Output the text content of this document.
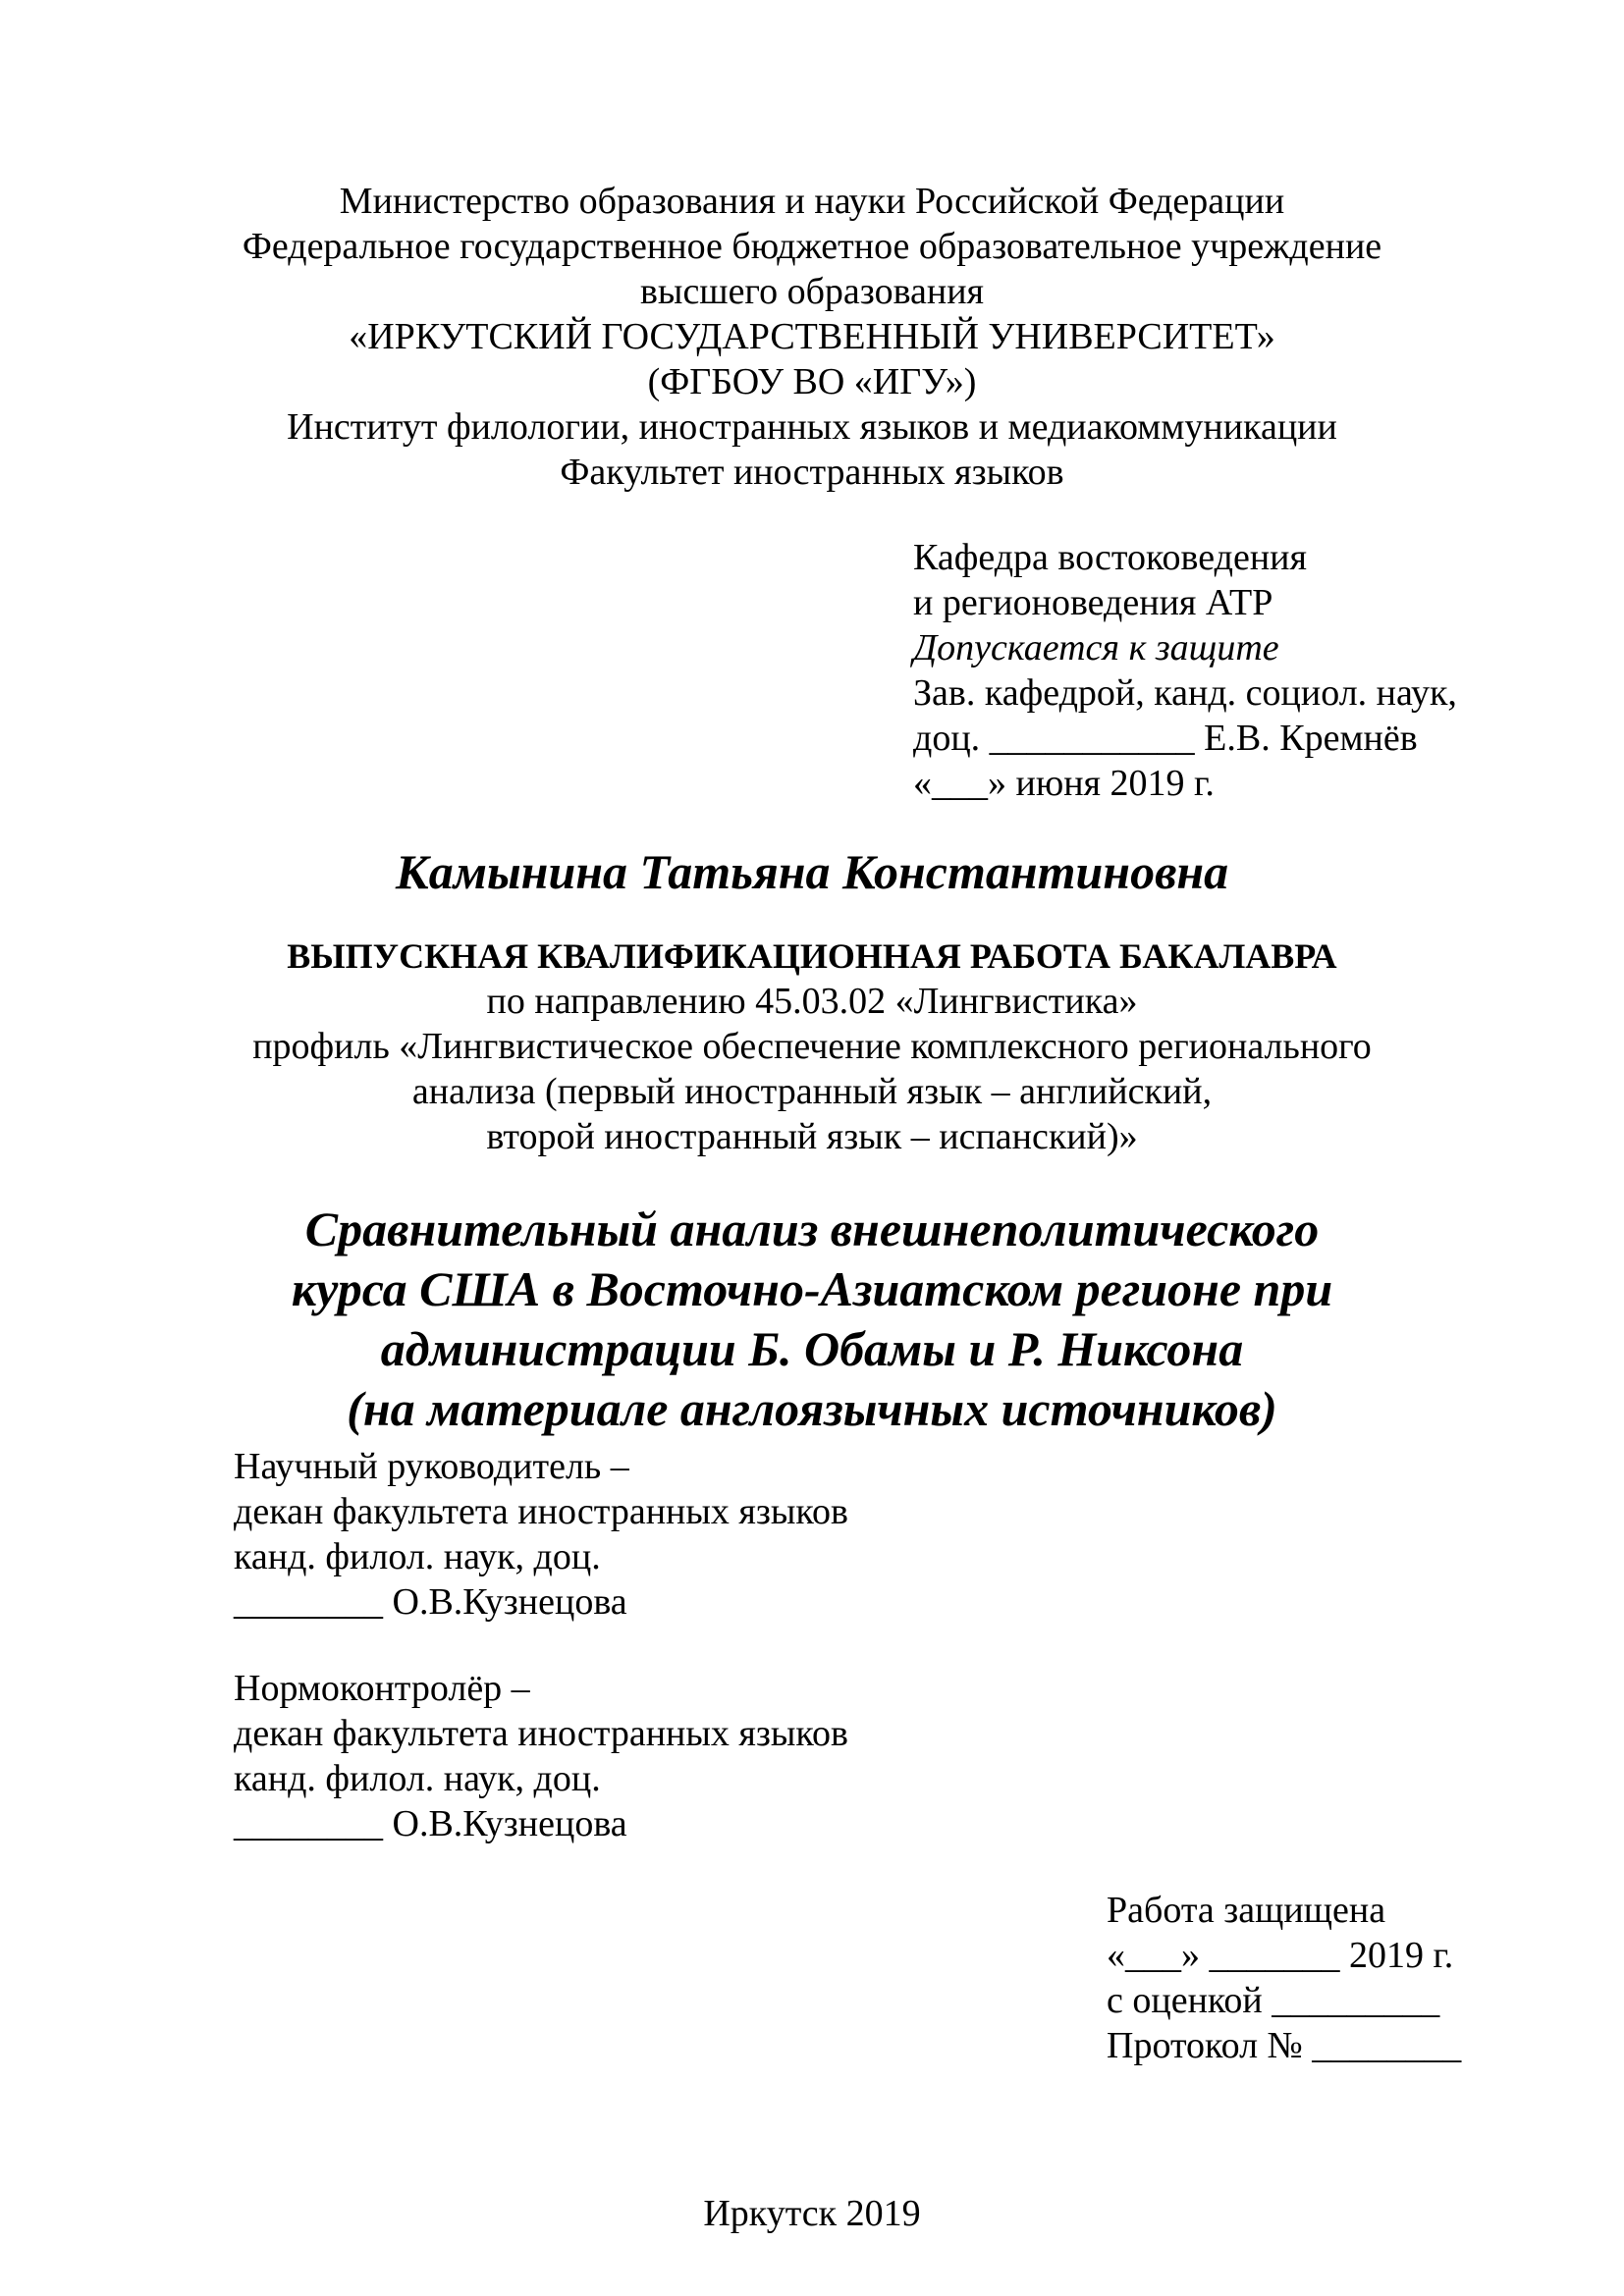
Министерство образования и науки Российской Федерации
Федеральное государственное бюджетное образовательное учреждение
высшего образования
«ИРКУТСКИЙ ГОСУДАРСТВЕННЫЙ УНИВЕРСИТЕТ»
(ФГБОУ ВО «ИГУ»)
Институт филологии, иностранных языков и медиакоммуникации
Факультет иностранных языков
Кафедра востоковедения
и регионоведения АТР
Допускается к защите
Зав. кафедрой, канд. социол. наук,
доц. ___________ Е.В. Кремнёв
«___» июня 2019 г.
Камынина Татьяна Константиновна
ВЫПУСКНАЯ КВАЛИФИКАЦИОННАЯ РАБОТА БАКАЛАВРА
по направлению 45.03.02 «Лингвистика»
профиль «Лингвистическое обеспечение комплексного регионального
анализа (первый иностранный язык – английский,
второй иностранный язык – испанский)»
Сравнительный анализ внешнеполитического
курса США в Восточно-Азиатском регионе при
администрации Б. Обамы и Р. Никсона
(на материале англоязычных источников)
Научный руководитель –
декан факультета иностранных языков
канд. филол. наук, доц.
________ О.В.Кузнецова
Нормоконтролёр –
декан факультета иностранных языков
канд. филол. наук, доц.
________ О.В.Кузнецова
Работа защищена
«___» _______ 2019 г.
с оценкой _________
Протокол № ________
Иркутск 2019
